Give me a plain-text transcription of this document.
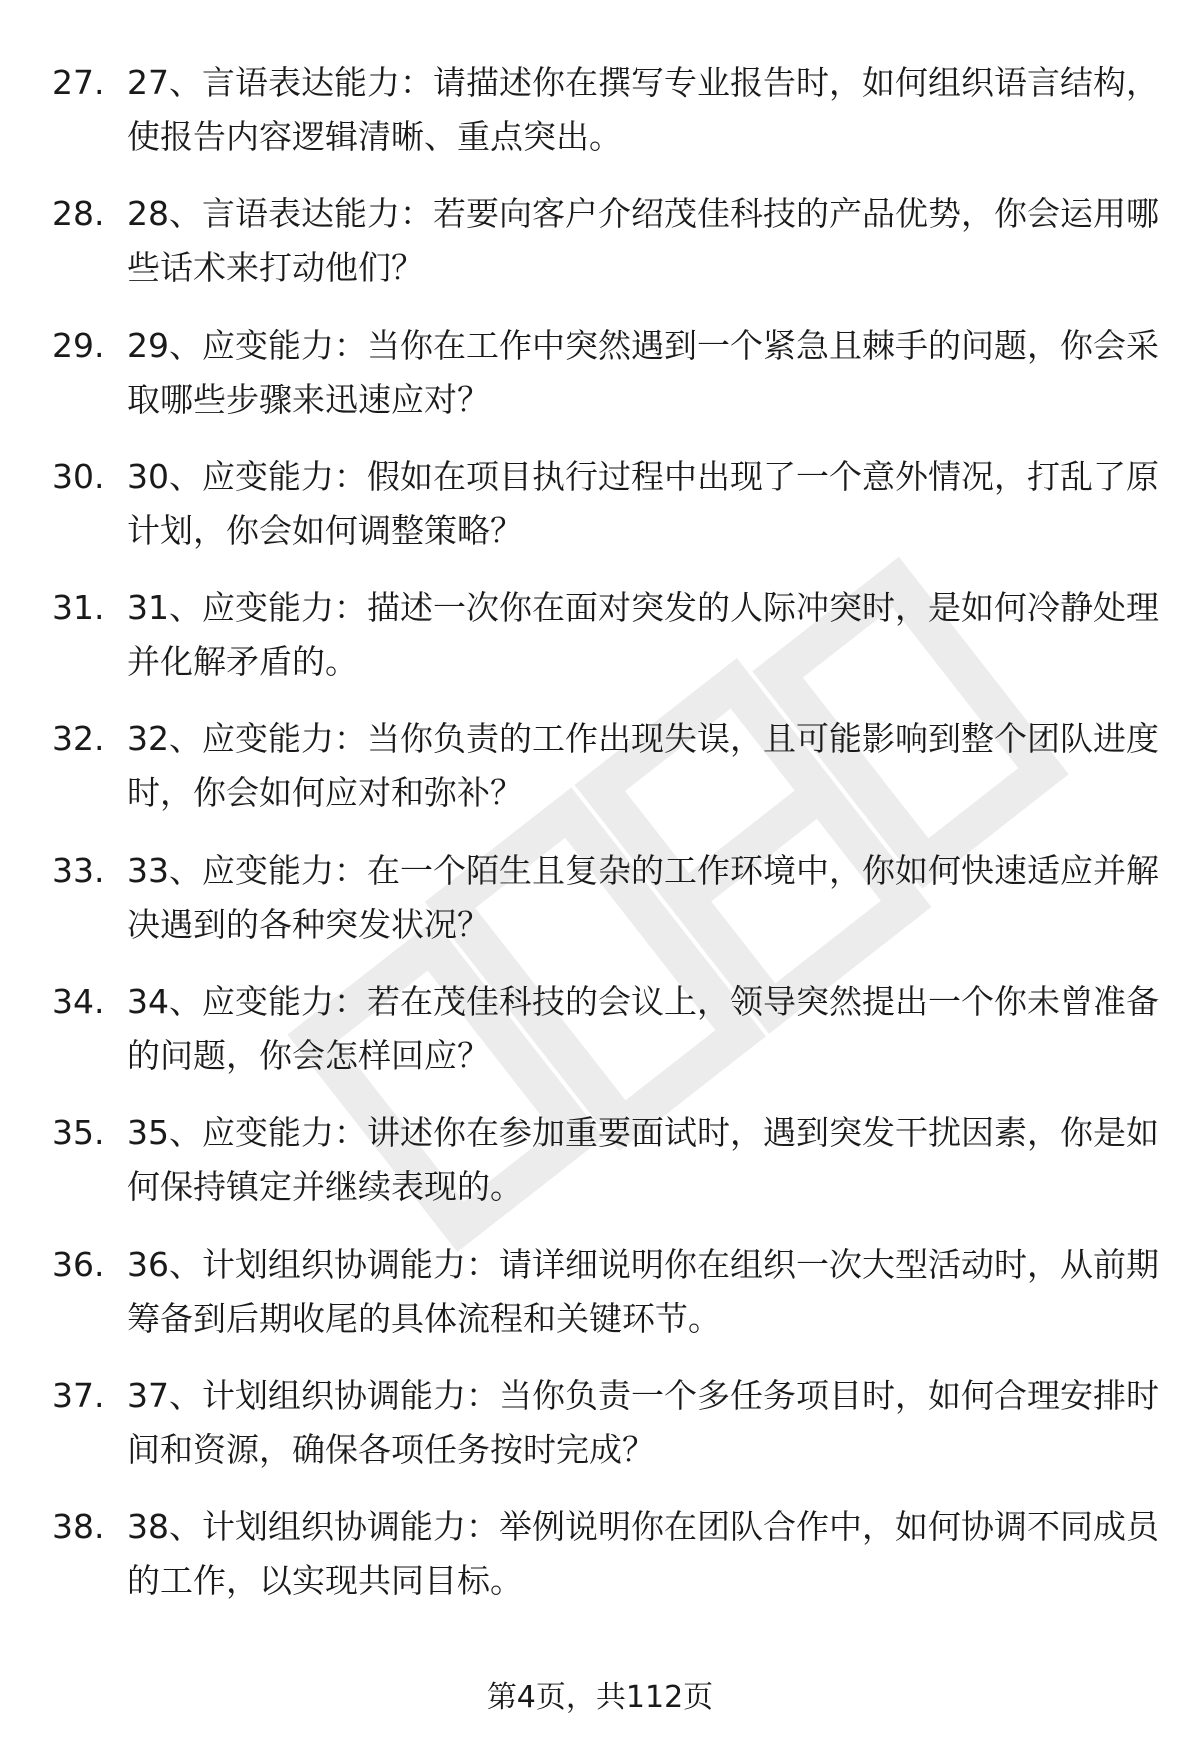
27. 27、言语表达能力：请描述你在撰写专业报告时，如何组织语言结构，使报告内容逻辑清晰、重点突出。
28. 28、言语表达能力：若要向客户介绍茂佳科技的产品优势，你会运用哪些话术来打动他们？
29. 29、应变能力：当你在工作中突然遇到一个紧急且棘手的问题，你会采取哪些步骤来迅速应对？
30. 30、应变能力：假如在项目执行过程中出现了一个意外情况，打乱了原计划，你会如何调整策略？
31. 31、应变能力：描述一次你在面对突发的人际冲突时，是如何冷静处理并化解矛盾的。
32. 32、应变能力：当你负责的工作出现失误，且可能影响到整个团队进度时，你会如何应对和弥补？
33. 33、应变能力：在一个陌生且复杂的工作环境中，你如何快速适应并解决遇到的各种突发状况？
34. 34、应变能力：若在茂佳科技的会议上，领导突然提出一个你未曾准备的问题，你会怎样回应？
35. 35、应变能力：讲述你在参加重要面试时，遇到突发干扰因素，你是如何保持镇定并继续表现的。
36. 36、计划组织协调能力：请详细说明你在组织一次大型活动时，从前期筹备到后期收尾的具体流程和关键环节。
37. 37、计划组织协调能力：当你负责一个多任务项目时，如何合理安排时间和资源，确保各项任务按时完成？
38. 38、计划组织协调能力：举例说明你在团队合作中，如何协调不同成员的工作，以实现共同目标。
第4页，共112页
